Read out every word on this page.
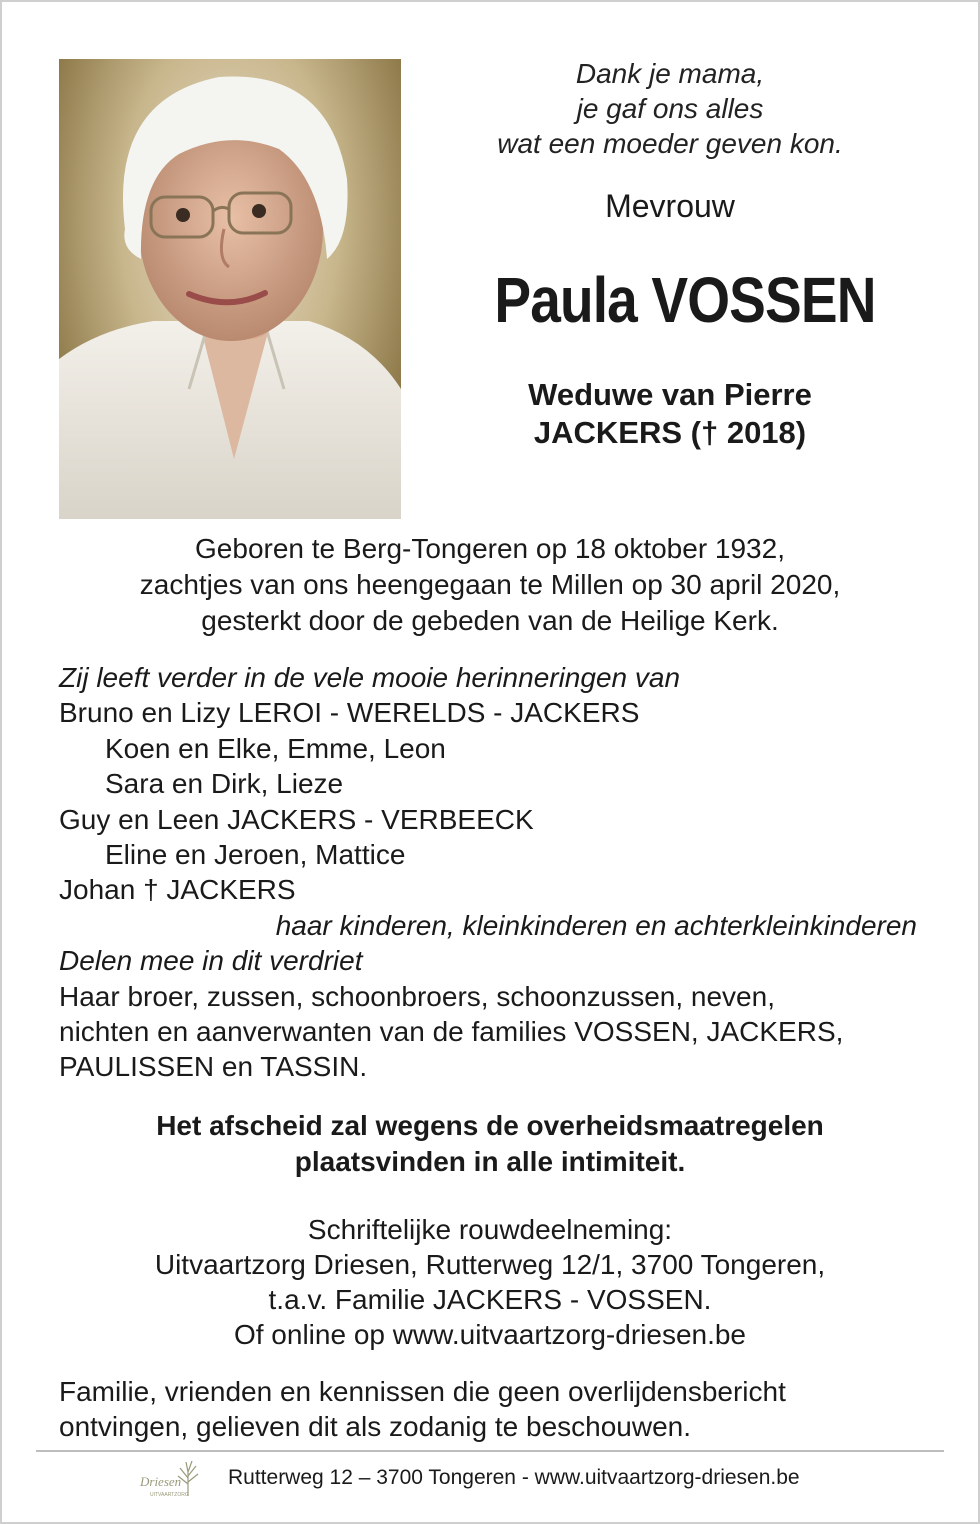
Dank je mama,
je gaf ons alles
wat een moeder geven kon.
Mevrouw
Paula VOSSEN
Weduwe van Pierre
JACKERS († 2018)
Geboren te Berg-Tongeren op 18 oktober 1932,
zachtjes van ons heengegaan te Millen op 30 april 2020,
gesterkt door de gebeden van de Heilige Kerk.
Zij leeft verder in de vele mooie herinneringen van
Bruno en Lizy LEROI - WERELDS - JACKERS
Koen en Elke, Emme, Leon
Sara en Dirk, Lieze
Guy en Leen JACKERS - VERBEECK
Eline en Jeroen, Mattice
Johan † JACKERS
haar kinderen, kleinkinderen en achterkleinkinderen
Delen mee in dit verdriet
Haar broer, zussen, schoonbroers, schoonzussen, neven,
nichten en aanverwanten van de families VOSSEN, JACKERS,
PAULISSEN en TASSIN.
Het afscheid zal wegens de overheidsmaatregelen
plaatsvinden in alle intimiteit.
Schriftelijke rouwdeelneming:
Uitvaartzorg Driesen, Rutterweg 12/1, 3700 Tongeren,
t.a.v. Familie JACKERS - VOSSEN.
Of online op www.uitvaartzorg-driesen.be
Familie, vrienden en kennissen die geen overlijdensbericht
ontvingen, gelieven dit als zodanig te beschouwen.
Driesen
UITVAARTZORG
Rutterweg 12 – 3700 Tongeren - www.uitvaartzorg-driesen.be
